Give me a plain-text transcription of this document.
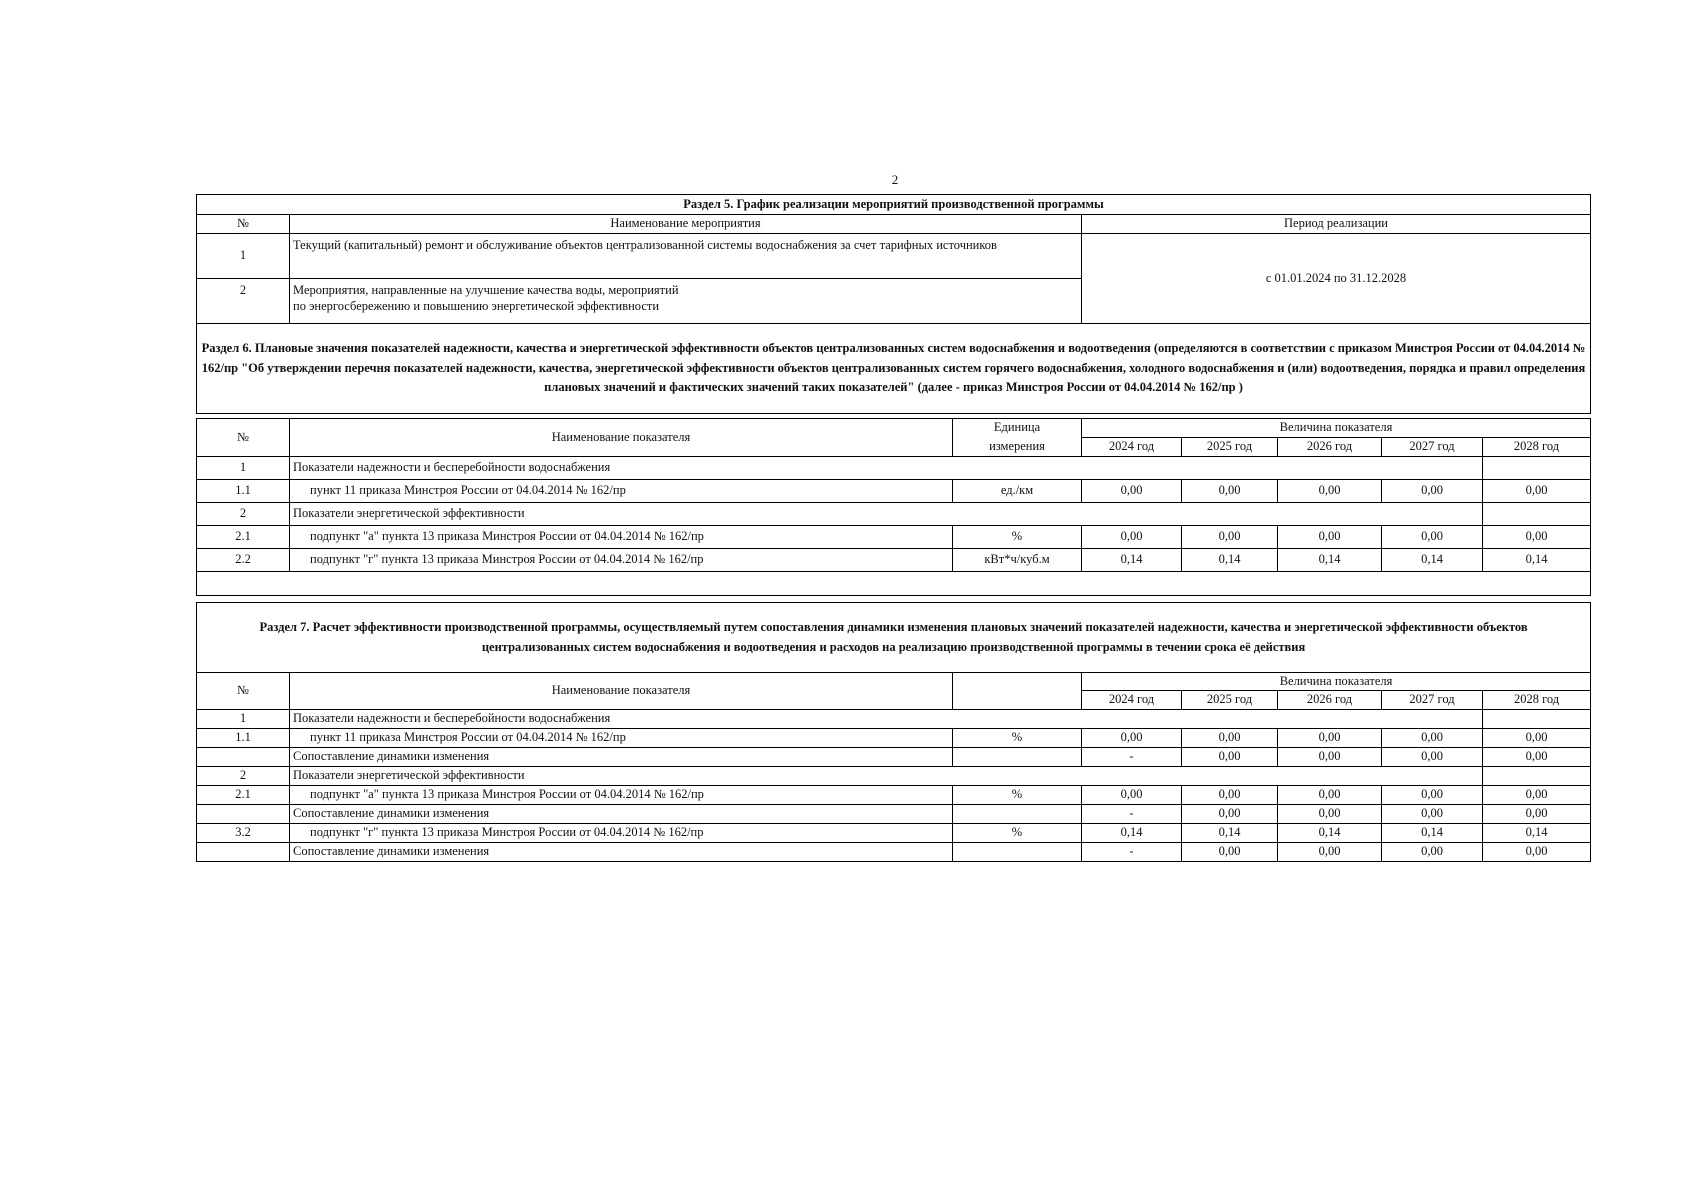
2
Раздел 5. График реализации мероприятий производственной программы		
№	Наименование мероприятия	Период реализации
1	Текущий (капитальный) ремонт и обслуживание объектов централизованной системы водоснабжения за счет тарифных источников	с 01.01.2024 по 31.12.2028
2	Мероприятия, направленные на улучшение качества воды, мероприятий
по энергосбережению и повышению энергетической эффективности	

Раздел 6. Плановые значения показателей надежности, качества и энергетической эффективности объектов централизованных систем водоснабжения и водоотведения (определяются в соответствии с приказом Минстроя России от 04.04.2014 № 162/пр "Об утверждении перечня показателей надежности, качества, энергетической эффективности объектов централизованных систем горячего водоснабжения, холодного водоснабжения и (или) водоотведения, порядка и правил определения плановых значений и фактических значений таких показателей" (далее - приказ Минстроя России от 04.04.2014 № 162/пр )		
№	Наименование показателя	Единица	Величина показателя					
		измерения	2024 год	2025 год	2026 год	2027 год	2028 год	
1	Показатели надежности и бесперебойности водоснабжения							
1.1	пункт 11 приказа Минстроя России от 04.04.2014 № 162/пр	ед./км	0,00	0,00	0,00	0,00	0,00	
2	Показатели энергетической эффективности							
2.1	подпункт "а" пункта 13 приказа Минстроя России от 04.04.2014 № 162/пр	%	0,00	0,00	0,00	0,00	0,00	
2.2	подпункт "г" пункта 13 приказа Минстроя России от 04.04.2014 № 162/пр	кВт*ч/куб.м	0,14	0,14	0,14	0,14	0,14	

Раздел 7. Расчет эффективности производственной программы, осуществляемый путем сопоставления динамики изменения плановых значений показателей надежности, качества и энергетической эффективности объектов централизованных систем водоснабжения и водоотведения и расходов на реализацию производственной программы в течении срока её действия								
№	Наименование показателя		Величина показателя					
			2024 год	2025 год	2026 год	2027 год	2028 год	
1	Показатели надежности и бесперебойности водоснабжения							
1.1	пункт 11 приказа Минстроя России от 04.04.2014 № 162/пр	%	0,00	0,00	0,00	0,00	0,00	
	Сопоставление динамики изменения		-	0,00	0,00	0,00	0,00	
2	Показатели энергетической эффективности							
2.1	подпункт "а" пункта 13 приказа Минстроя России от 04.04.2014 № 162/пр	%	0,00	0,00	0,00	0,00	0,00	
	Сопоставление динамики изменения		-	0,00	0,00	0,00	0,00	
3.2	подпункт "г" пункта 13 приказа Минстроя России от 04.04.2014 № 162/пр	%	0,14	0,14	0,14	0,14	0,14	
	Сопоставление динамики изменения		-	0,00	0,00	0,00	0,00	
